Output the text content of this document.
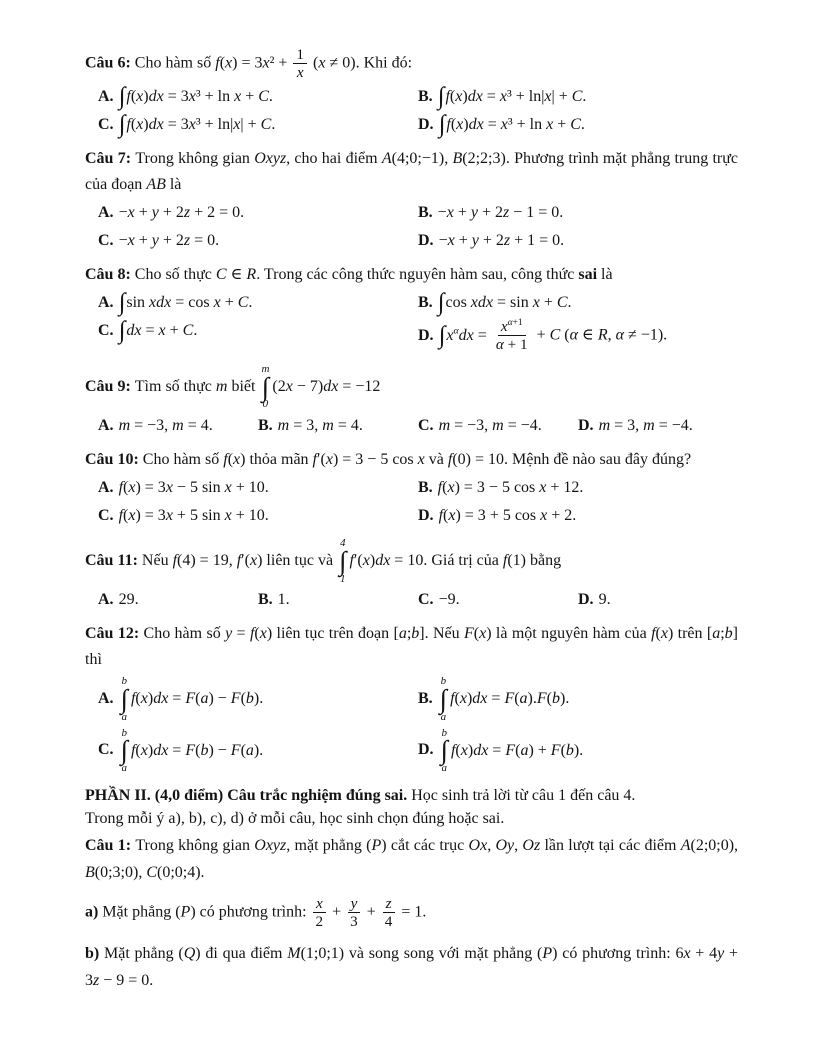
Câu 6: Cho hàm số $f(x) = 3x^2 + \frac{1}{x} (x \ne 0)$. Khi đó:

A. ∫f(x)dx = 3x³ + ln x + C.	B. ∫f(x)dx = x³ + ln|x| + C.
C. ∫f(x)dx = 3x³ + ln|x| + C.	D. ∫f(x)dx = x³ + ln x + C.

Câu 7: Trong không gian Oxyz, cho hai điểm A(4;0;−1), B(2;2;3). Phương trình mặt phẳng trung trực của đoạn AB là

A. −x + y + 2z + 2 = 0.	B. −x + y + 2z − 1 = 0.
C. −x + y + 2z = 0.	D. −x + y + 2z + 1 = 0.

Câu 8: Cho số thực C ∈ R. Trong các công thức nguyên hàm sau, công thức sai là

A. ∫sin xdx = cos x + C.	B. ∫cos xdx = sin x + C.
C. ∫dx = x + C.	D. $\int x^\alpha dx = \frac{x^{\alpha+1}}{\alpha + 1} + C$ (α ∈ R, α ≠ −1).

Câu 9: Tìm số thực m biết
m
∫
0
(2x − 7)dx = −12

A. m = −3, m = 4.	B. m = 3, m = 4.	C. m = −3, m = −4.	D. m = 3, m = −4.

Câu 10: Cho hàm số f(x) thỏa mãn f′(x) = 3 − 5 cos x và f(0) = 10. Mệnh đề nào sau đây đúng?

A. f(x) = 3x − 5 sin x + 10.	B. f(x) = 3 − 5 cos x + 12.
C. f(x) = 3x + 5 sin x + 10.	D. f(x) = 3 + 5 cos x + 2.

Câu 11: Nếu f(4) = 19, f′(x) liên tục và
4
∫
1
f′(x)dx = 10. Giá trị của f(1) bằng

A. 29.	B. 1.	C. −9.	D. 9.

Câu 12: Cho hàm số y = f(x) liên tục trên đoạn [a;b]. Nếu F(x) là một nguyên hàm của f(x) trên [a;b] thì

A.
b
∫
a
f(x)dx = F(a) − F(b).	B.
b
∫
a
f(x)dx = F(a).F(b).
C.
b
∫
a
f(x)dx = F(b) − F(a).	D.
b
∫
a
f(x)dx = F(a) + F(b).

PHẦN II. (4,0 điểm) Câu trắc nghiệm đúng sai. Học sinh trả lời từ câu 1 đến câu 4.

Trong mỗi ý a), b), c), d) ở mỗi câu, học sinh chọn đúng hoặc sai.

Câu 1: Trong không gian Oxyz, mặt phẳng (P) cắt các trục Ox, Oy, Oz lần lượt tại các điểm A(2;0;0), B(0;3;0), C(0;0;4).

a) Mặt phẳng (P) có phương trình: $\frac{x}{2} + \frac{y}{3} + \frac{z}{4} = 1$.

b) Mặt phẳng (Q) đi qua điểm M(1;0;1) và song song với mặt phẳng (P) có phương trình: 6x + 4y + 3z − 9 = 0.
